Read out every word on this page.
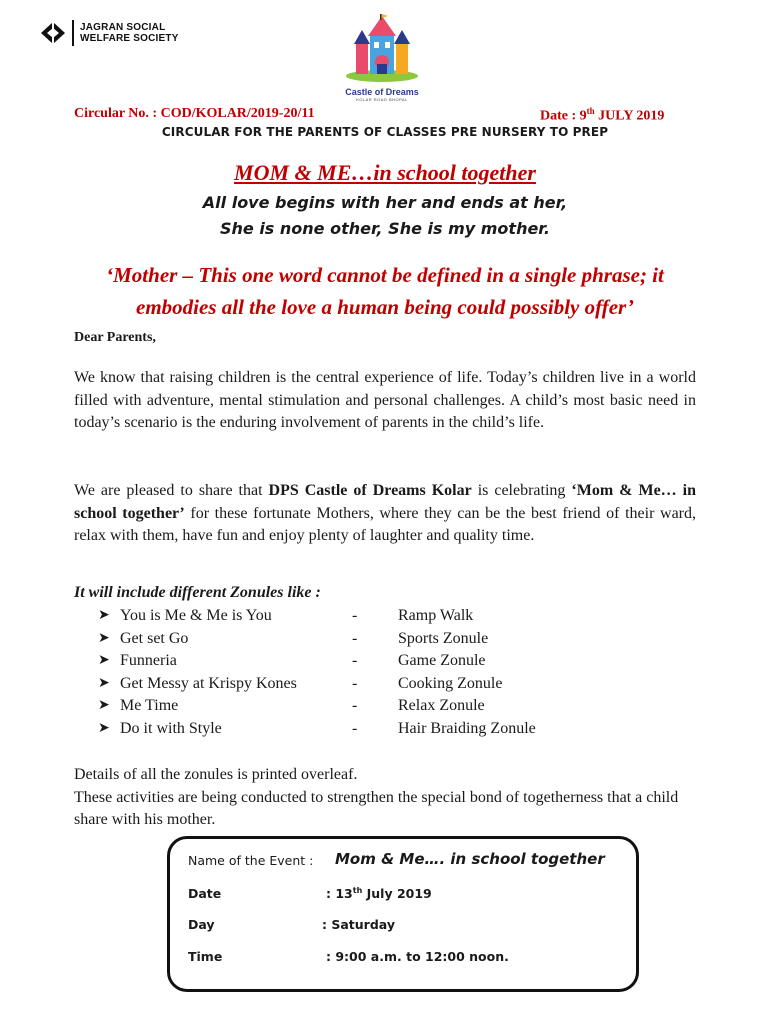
JAGRAN SOCIAL
WELFARE SOCIETY
Castle of Dreams
KOLAR ROAD BHOPAL
Circular No. : COD/KOLAR/2019-20/11	Date : 9th JULY 2019
CIRCULAR FOR THE PARENTS OF CLASSES PRE NURSERY TO PREP
MOM & ME…in school together
All love begins with her and ends at her,
She is none other, She is my mother.
‘Mother – This one word cannot be defined in a single phrase; it
embodies all the love a human being could possibly offer’
Dear Parents,
We know that raising children is the central experience of life. Today’s children live in a world filled with adventure, mental stimulation and personal challenges. A child’s most basic need in today’s scenario is the enduring involvement of parents in the child’s life.
We are pleased to share that DPS Castle of Dreams Kolar is celebrating ‘Mom & Me… in school together’ for these fortunate Mothers, where they can be the best friend of their ward, relax with them, have fun and enjoy plenty of laughter and quality time.
It will include different Zonules like :
➤ You is Me & Me is You	-	Ramp Walk
➤ Get set Go	-	Sports Zonule
➤ Funneria	-	Game Zonule
➤ Get Messy at Krispy Kones	-	Cooking Zonule
➤ Me Time	-	Relax Zonule
➤ Do it with Style	-	Hair Braiding Zonule
Details of all the zonules is printed overleaf.
These activities are being conducted to strengthen the special bond of togetherness that a child share with his mother.
Name of the Event : Mom & Me…. in school together
Date	: 13th July 2019
Day	: Saturday
Time	: 9:00 a.m. to 12:00 noon.
